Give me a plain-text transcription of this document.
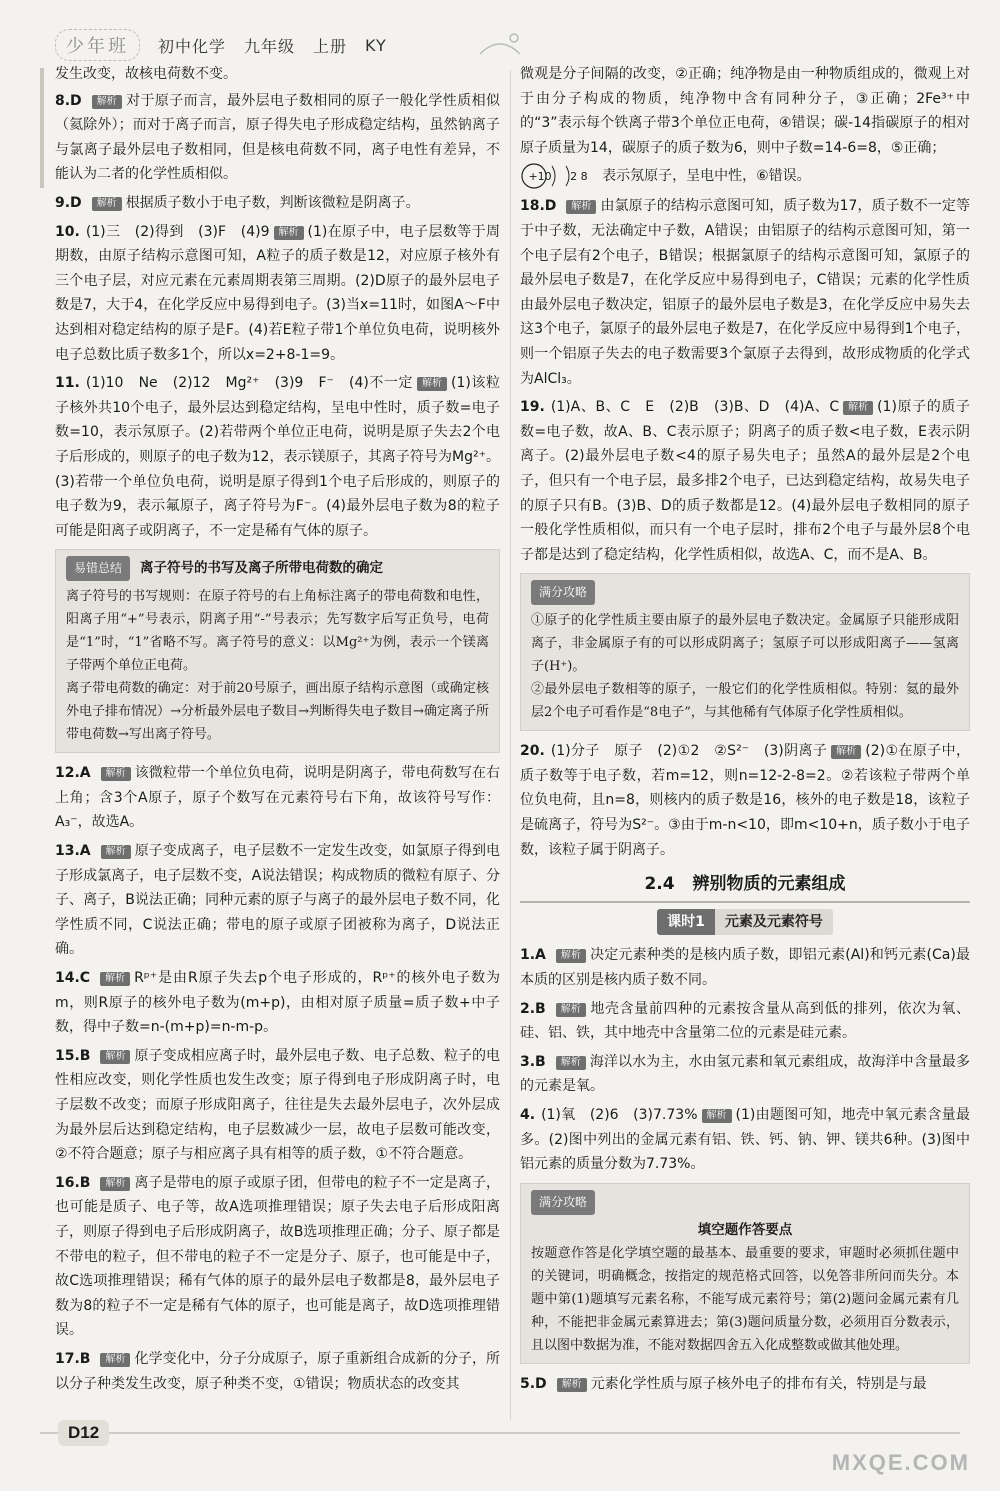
少年班	初中化学 九年级 上册 KY

发生改变，故核电荷数不变。

8.D 解析 对于原子而言，最外层电子数相同的原子一般化学性质相似（氦除外）；而对于离子而言，原子得失电子形成稳定结构，虽然钠离子与氯离子最外层电子数相同，但是核电荷数不同，离子电性有差异，不能认为二者的化学性质相似。

9.D 解析 根据质子数小于电子数，判断该微粒是阴离子。

10. (1)三　(2)得到　(3)F　(4)9 解析 (1)在原子中，电子层数等于周期数，由原子结构示意图可知，A粒子的质子数是12，对应原子核外有三个电子层，对应元素在元素周期表第三周期。(2)D原子的最外层电子数是7，大于4，在化学反应中易得到电子。(3)当x=11时，如图A～F中达到相对稳定结构的原子是F。(4)若E粒子带1个单位负电荷，说明核外电子总数比质子数多1个，所以x=2+8-1=9。

11. (1)10　Ne　(2)12　Mg²⁺　(3)9　F⁻　(4)不一定 解析 (1)该粒子核外共10个电子，最外层达到稳定结构，呈电中性时，质子数=电子数=10，表示氖原子。(2)若带两个单位正电荷，说明是原子失去2个电子后形成的，则原子的电子数为12，表示镁原子，其离子符号为Mg²⁺。(3)若带一个单位负电荷，说明是原子得到1个电子后形成的，则原子的电子数为9，表示氟原子，离子符号为F⁻。(4)最外层电子数为8的粒子可能是阳离子或阴离子，不一定是稀有气体的原子。

易错总结	离子符号的书写及离子所带电荷数的确定

离子符号的书写规则：在原子符号的右上角标注离子的带电荷数和电性，阳离子用“+”号表示，阴离子用“-”号表示；先写数字后写正负号，电荷是“1”时，“1”省略不写。离子符号的意义：以Mg²⁺为例，表示一个镁离子带两个单位正电荷。

离子带电荷数的确定：对于前20号原子，画出原子结构示意图（或确定核外电子排布情况）→分析最外层电子数目→判断得失电子数目→确定离子所带电荷数→写出离子符号。

12.A 解析 该微粒带一个单位负电荷，说明是阴离子，带电荷数写在右上角；含3个A原子，原子个数写在元素符号右下角，故该符号写作：A₃⁻，故选A。

13.A 解析 原子变成离子，电子层数不一定发生改变，如氯原子得到电子形成氯离子，电子层数不变，A说法错误；构成物质的微粒有原子、分子、离子，B说法正确；同种元素的原子与离子的最外层电子数不同，化学性质不同，C说法正确；带电的原子或原子团被称为离子，D说法正确。

14.C 解析 Rᵖ⁺是由R原子失去p个电子形成的，Rᵖ⁺的核外电子数为m，则R原子的核外电子数为(m+p)，由相对原子质量=质子数+中子数，得中子数=n-(m+p)=n-m-p。

15.B 解析 原子变成相应离子时，最外层电子数、电子总数、粒子的电性相应改变，则化学性质也发生改变；原子得到电子形成阴离子时，电子层数不改变；而原子形成阳离子，往往是失去最外层电子，次外层成为最外层后达到稳定结构，电子层数减少一层，故电子层数可能改变，②不符合题意；原子与相应离子具有相等的质子数，①不符合题意。

16.B 解析 离子是带电的原子或原子团，但带电的粒子不一定是离子，也可能是质子、电子等，故A选项推理错误；原子失去电子后形成阳离子，则原子得到电子后形成阴离子，故B选项推理正确；分子、原子都是不带电的粒子，但不带电的粒子不一定是分子、原子，也可能是中子，故C选项推理错误；稀有气体的原子的最外层电子数都是8，最外层电子数为8的粒子不一定是稀有气体的原子，也可能是离子，故D选项推理错误。

17.B 解析 化学变化中，分子分成原子，原子重新组合成新的分子，所以分子种类发生改变，原子种类不变，①错误；物质状态的改变其

微观是分子间隔的改变，②正确；纯净物是由一种物质组成的，微观上对于由分子构成的物质，纯净物中含有同种分子，③正确；2Fe³⁺中的“3”表示每个铁离子带3个单位正电荷，④错误；碳-14指碳原子的相对原子质量为14，碳原子的质子数为6，则中子数=14-6=8，⑤正确；

+10 2 8 表示氖原子，呈电中性，⑥错误。

18.D 解析 由氯原子的结构示意图可知，质子数为17，质子数不一定等于中子数，无法确定中子数，A错误；由铝原子的结构示意图可知，第一个电子层有2个电子，B错误；根据氯原子的结构示意图可知，氯原子的最外层电子数是7，在化学反应中易得到电子，C错误；元素的化学性质由最外层电子数决定，铝原子的最外层电子数是3，在化学反应中易失去这3个电子，氯原子的最外层电子数是7，在化学反应中易得到1个电子，则一个铝原子失去的电子数需要3个氯原子去得到，故形成物质的化学式为AlCl₃。

19. (1)A、B、C　E　(2)B　(3)B、D　(4)A、C 解析 (1)原子的质子数=电子数，故A、B、C表示原子；阴离子的质子数<电子数，E表示阴离子。(2)最外层电子数<4的原子易失电子；虽然A的最外层是2个电子，但只有一个电子层，最多排2个电子，已达到稳定结构，故易失电子的原子只有B。(3)B、D的质子数都是12。(4)最外层电子数相同的原子一般化学性质相似，而只有一个电子层时，排布2个电子与最外层8个电子都是达到了稳定结构，化学性质相似，故选A、C，而不是A、B。

满分攻略

①原子的化学性质主要由原子的最外层电子数决定。金属原子只能形成阳离子，非金属原子有的可以形成阴离子；氢原子可以形成阳离子——氢离子(H⁺)。

②最外层电子数相等的原子，一般它们的化学性质相似。特别：氦的最外层2个电子可看作是“8电子”，与其他稀有气体原子化学性质相似。

20. (1)分子　原子　(2)①2　②S²⁻　(3)阴离子 解析 (2)①在原子中，质子数等于电子数，若m=12，则n=12-2-8=2。②若该粒子带两个单位负电荷，且n=8，则核内的质子数是16，核外的电子数是18，该粒子是硫离子，符号为S²⁻。③由于m-n<10，即m<10+n，质子数小于电子数，该粒子属于阴离子。

2.4 辨别物质的元素组成
课时1 元素及元素符号

1.A 解析 决定元素种类的是核内质子数，即铝元素(Al)和钙元素(Ca)最本质的区别是核内质子数不同。

2.B 解析 地壳含量前四种的元素按含量从高到低的排列，依次为氧、硅、铝、铁，其中地壳中含量第二位的元素是硅元素。

3.B 解析 海洋以水为主，水由氢元素和氧元素组成，故海洋中含量最多的元素是氧。

4. (1)氧　(2)6　(3)7.73% 解析 (1)由题图可知，地壳中氧元素含量最多。(2)图中列出的金属元素有铝、铁、钙、钠、钾、镁共6种。(3)图中铝元素的质量分数为7.73%。

满分攻略

填空题作答要点

按题意作答是化学填空题的最基本、最重要的要求，审题时必须抓住题中的关键词，明确概念，按指定的规范格式回答，以免答非所问而失分。本题中第(1)题填写元素名称，不能写成元素符号；第(2)题问金属元素有几种，不能把非金属元素算进去；第(3)题问质量分数，必须用百分数表示，且以图中数据为准，不能对数据四舍五入化成整数或做其他处理。

5.D 解析 元素化学性质与原子核外电子的排布有关，特别是与最

D12
MXQE.COM
